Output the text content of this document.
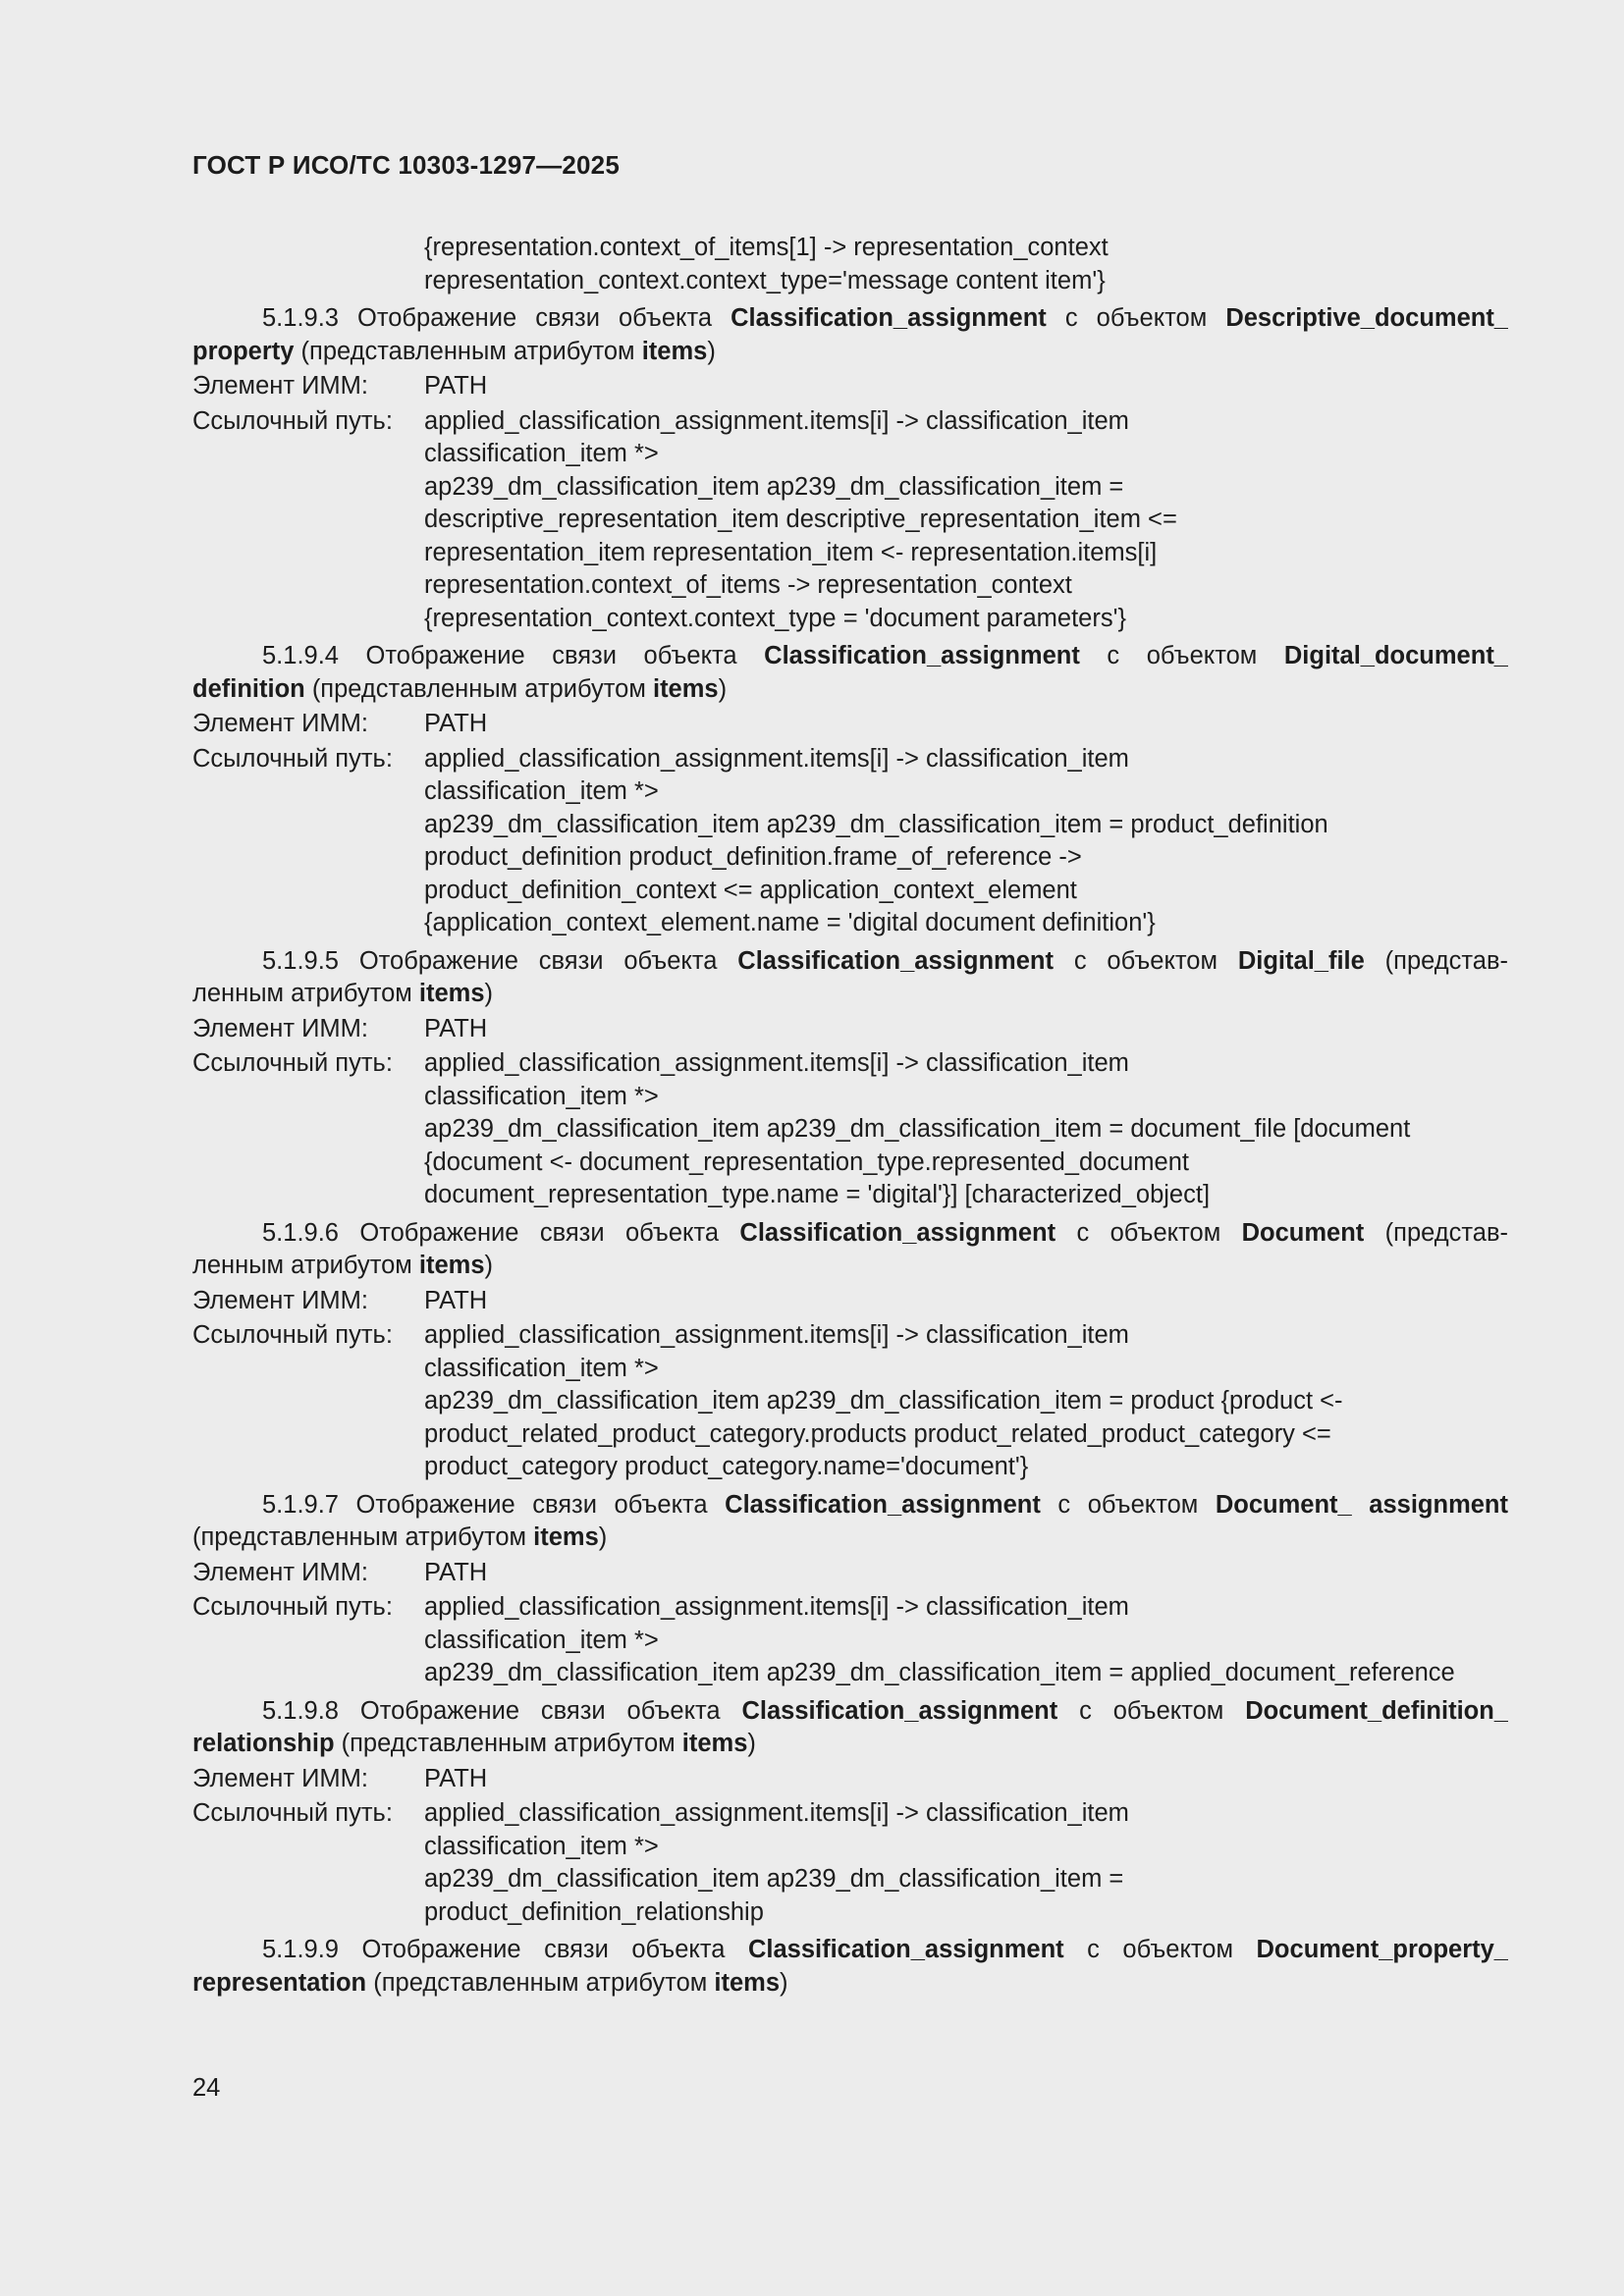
ГОСТ Р ИСО/ТС 10303-1297—2025
{representation.context_of_items[1] -> representation_context
representation_context.context_type='message content item'}
5.1.9.3 Отображение связи объекта Classification_assignment с объектом Descriptive_document_
property (представленным атрибутом items)
Элемент ИММ:	PATH
Ссылочный путь:	applied_classification_assignment.items[i] -> classification_item
classification_item *>
ap239_dm_classification_item ap239_dm_classification_item =
descriptive_representation_item descriptive_representation_item <=
representation_item representation_item <- representation.items[i]
representation.context_of_items -> representation_context
{representation_context.context_type = 'document parameters'}
5.1.9.4 Отображение связи объекта Classification_assignment с объектом Digital_document_
definition (представленным атрибутом items)
Элемент ИММ:	PATH
Ссылочный путь:	applied_classification_assignment.items[i] -> classification_item
classification_item *>
ap239_dm_classification_item ap239_dm_classification_item = product_definition
product_definition product_definition.frame_of_reference ->
product_definition_context <= application_context_element
{application_context_element.name = 'digital document definition'}
5.1.9.5 Отображение связи объекта Classification_assignment с объектом Digital_file (представ-
ленным атрибутом items)
Элемент ИММ:	PATH
Ссылочный путь:	applied_classification_assignment.items[i] -> classification_item
classification_item *>
ap239_dm_classification_item ap239_dm_classification_item = document_file [document
{document <- document_representation_type.represented_document
document_representation_type.name = 'digital'}] [characterized_object]
5.1.9.6 Отображение связи объекта Classification_assignment с объектом Document (представ-
ленным атрибутом items)
Элемент ИММ:	PATH
Ссылочный путь:	applied_classification_assignment.items[i] -> classification_item
classification_item *>
ap239_dm_classification_item ap239_dm_classification_item = product {product <-
product_related_product_category.products product_related_product_category <=
product_category product_category.name='document'}
5.1.9.7 Отображение связи объекта Classification_assignment с объектом Document_ assignment
(представленным атрибутом items)
Элемент ИММ:	PATH
Ссылочный путь:	applied_classification_assignment.items[i] -> classification_item
classification_item *>
ap239_dm_classification_item ap239_dm_classification_item = applied_document_reference
5.1.9.8 Отображение связи объекта Classification_assignment с объектом Document_definition_
relationship (представленным атрибутом items)
Элемент ИММ:	PATH
Ссылочный путь:	applied_classification_assignment.items[i] -> classification_item
classification_item *>
ap239_dm_classification_item ap239_dm_classification_item =
product_definition_relationship
5.1.9.9 Отображение связи объекта Classification_assignment с объектом Document_property_
representation (представленным атрибутом items)
24
